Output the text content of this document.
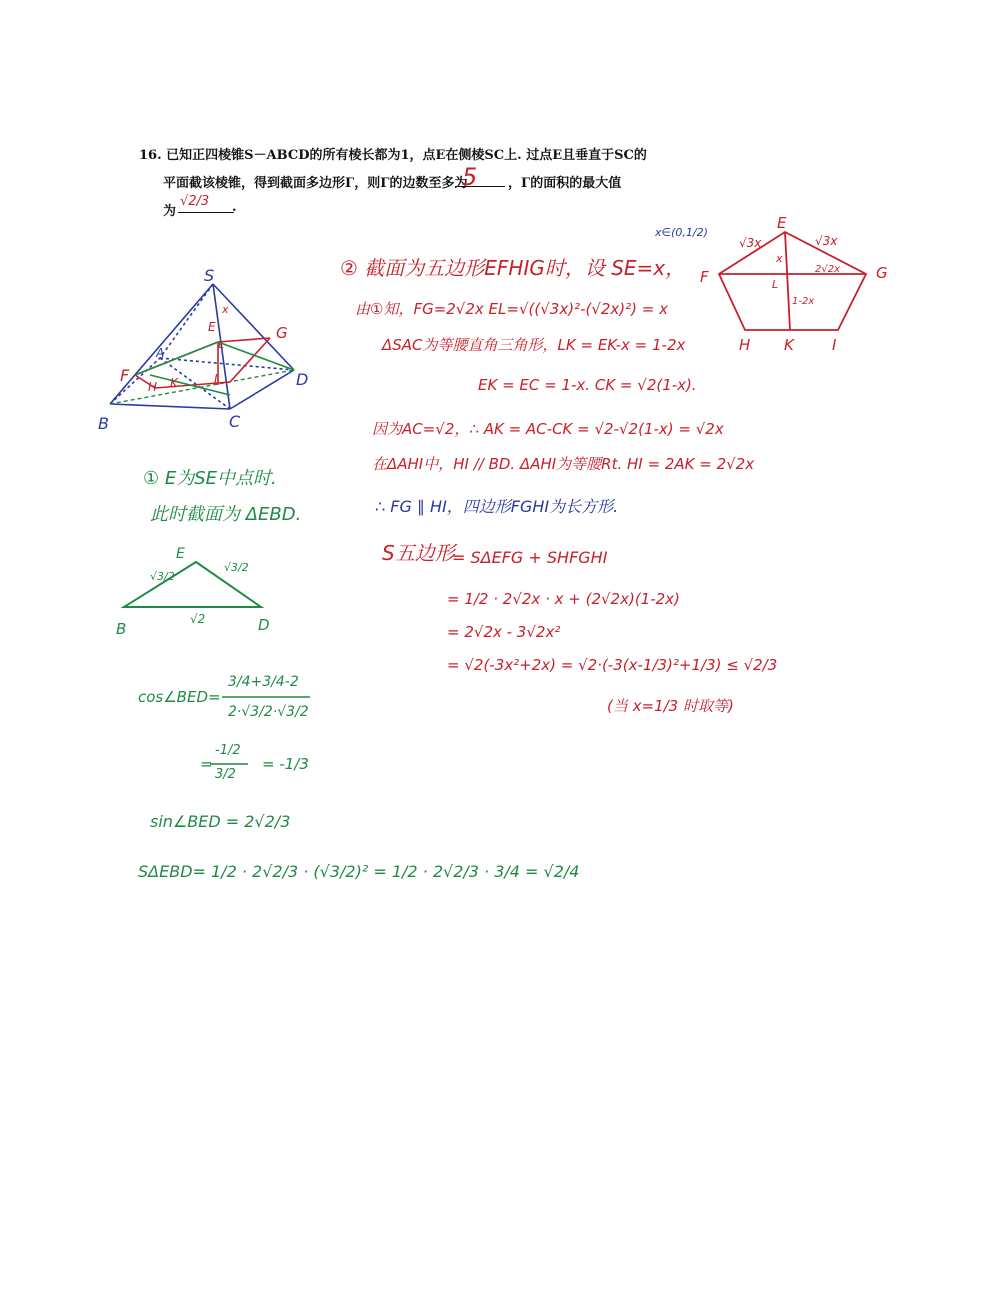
16. 已知正四棱锥S－ABCD的所有棱长都为1，点E在侧棱SC上. 过点E且垂直于SC的
平面截该棱锥，得到截面多边形Γ，则Γ的边数至多为	，Γ的面积的最大值
为	.
5
√2/3
S
B	C
D
A
E
x
L
F
G
H K	I
x∈(0,1/2)
E
F	G
H K	I
L
√3x	√3x
x
2√2x
1-2x
② 截面为五边形EFHIG时，设 SE=x，
由①知，FG=2√2x EL=√((√3x)²-(√2x)²) = x
ΔSAC为等腰直角三角形，LK = EK-x = 1-2x
EK = EC = 1-x. CK = √2(1-x).
因为AC=√2，∴ AK = AC-CK = √2-√2(1-x) = √2x
在ΔAHI中，HI // BD. ΔAHI为等腰Rt. HI = 2AK = 2√2x
∴ FG ∥ HI，四边形FGHI为长方形.
S五边形
= SΔEFG + SHFGHI
= 1/2 · 2√2x · x + (2√2x)(1-2x)
= 2√2x - 3√2x²
= √2(-3x²+2x) = √2·(-3(x-1/3)²+1/3) ≤ √2/3
(当 x=1/3 时取等)
① E为SE中点时.
此时截面为 ΔEBD.
E
B	D
√3/2
√3/2
√2
cos∠BED=
3/4+3/4-2
2·√3/2·√3/2
=
-1/2
3/2
= -1/3
sin∠BED = 2√2/3
SΔEBD= 1/2 · 2√2/3 · (√3/2)² = 1/2 · 2√2/3 · 3/4 = √2/4
